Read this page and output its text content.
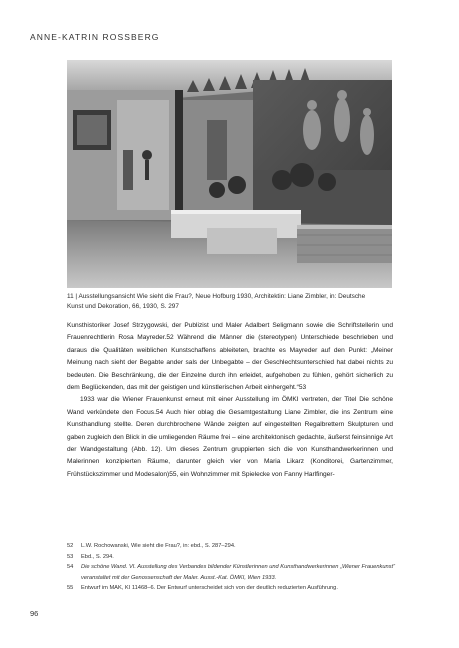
ANNE-KATRIN ROSSBERG
11 | Ausstellungsansicht Wie sieht die Frau?, Neue Hofburg 1930, Architektin: Liane Zimbler, in: Deutsche
Kunst und Dekoration, 66, 1930, S. 297

Kunsthistoriker Josef Strzygowski, der Publizist und Maler Adalbert Seligmann sowie die Schriftstellerin und Frauenrechtlerin Rosa Mayreder.52 Während die Männer die (stereotypen) Unterschiede beschrieben und daraus die Qualitäten weiblichen Kunstschaffens ableiteten, brachte es Mayreder auf den Punkt: „Meiner Meinung nach sieht der Begabte ander sals der Unbegabte – der Geschlechtsunterschied hat dabei nichts zu bedeuten. Die Beschränkung, die der Einzelne durch ihn erleidet, aufgehoben zu fühlen, gehört sicherlich zu dem Beglückenden, das mit der geistigen und künstlerischen Arbeit einhergeht.“53

1933 war die Wiener Frauenkunst erneut mit einer Ausstellung im ÖMKI vertreten, der Titel Die schöne Wand verkündete den Focus.54 Auch hier oblag die Gesamtgestaltung Liane Zimbler, die ins Zentrum eine Kunsthandlung stellte. Deren durchbrochene Wände zeigten auf eingestellten Regalbrettern Skulpturen und gaben zugleich den Blick in die umliegenden Räume frei – eine architektonisch gedachte, äußerst feinsinnige Art der Wandgestaltung (Abb. 12). Um dieses Zentrum gruppierten sich die von Kunsthandwerkerinnen und Malerinnen konzipierten Räume, darunter gleich vier von Maria Likarz (Konditorei, Gartenzimmer, Frühstückszimmer und Modesalon)55, ein Wohnzimmer mit Spielecke von Fanny Harlfinger-

52	L.W. Rochowanski, Wie sieht die Frau?, in: ebd., S. 287–294.
53	Ebd., S. 294.
54	Die schöne Wand. VI. Ausstellung des Verbandes bildender Künstlerinnen und Kunsthandwerkerinnen „Wiener Frauenkunst“ veranstaltet mit der Genossenschaft der Maler. Ausst.-Kat. ÖMKI, Wien 1933.
55	Entwurf im MAK, KI 11468–6. Der Entwurf unterscheidet sich von der deutlich reduzierten Ausführung.
96
